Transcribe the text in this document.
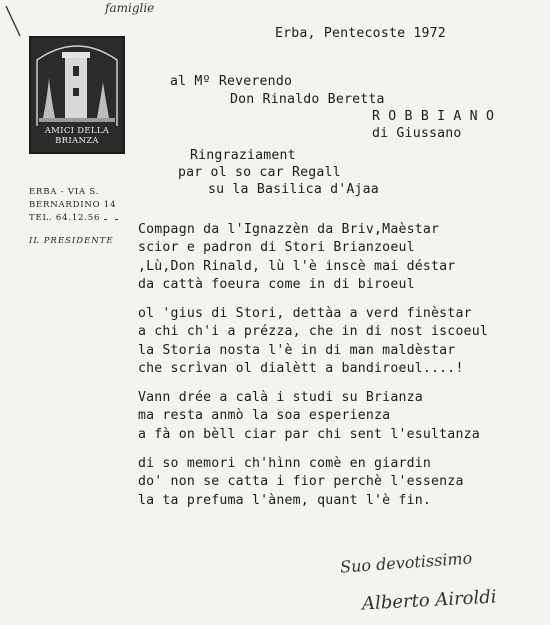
famiglie
AMICI DELLA
BRIANZA
ERBA - VIA S.
BERNARDINO 14
TEL. 64.12.56
IL PRESIDENTE
Erba, Pentecoste 1972
al Mº Reverendo
Don Rinaldo Beretta
R O B B I A N O
di Giussano
Ringraziament
par ol so car Regall
su la Basilica d'Ajaa
Compagn da l'Ignazzèn da Briv,Maèstar
scior e padron di Stori Brianzoeul
,Lù,Don Rinald, lù l'è inscè mai déstar
da cattà foeura come in di biroeul
ol 'gius di Stori, dettàa a verd finèstar
a chi ch'i a prézza, che in di nost iscoeul
la Storia nosta l'è in di man maldèstar
che scrìvan ol dialètt a bandiroeul....!
Vann drée a calà i studi su Brianza
ma resta anmò la soa esperienza
a fà on bèll ciar par chi sent l'esultanza
di so memori ch'hìnn comè en giardin
do' non se catta i fior perchè l'essenza
la ta prefuma l'ànem, quant l'è fin.
Suo devotissimo
Alberto Airoldi
